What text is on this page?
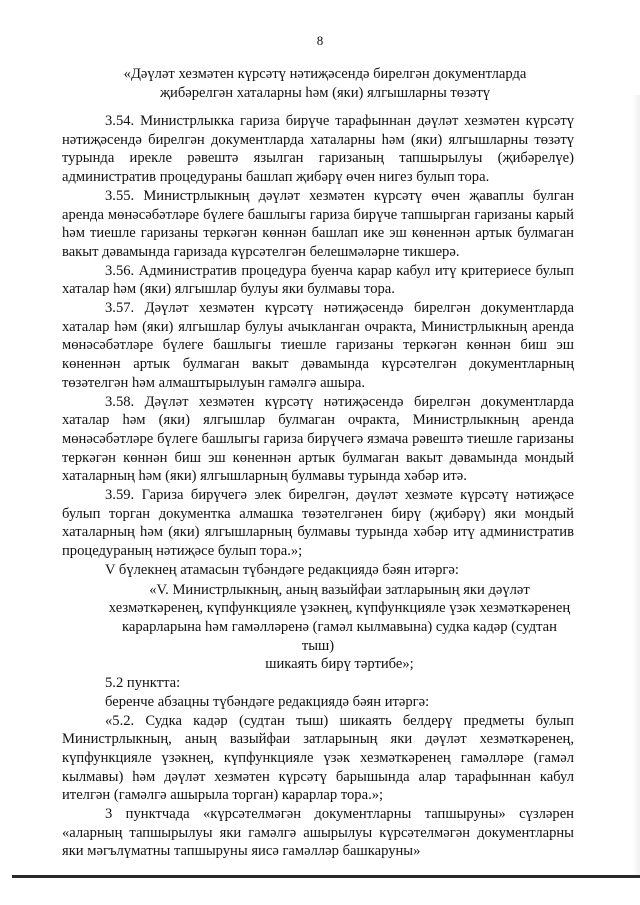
8
«Дәүләт хезмәтен күрсәтү нәтиҗәсендә бирелгән документларда
җибәрелгән хаталарны һәм (яки) ялгышларны төзәтү

3.54. Министрлыкка гариза бирүче тарафыннан дәүләт хезмәтен күрсәтү нәтиҗәсендә бирелгән документларда хаталарны һәм (яки) ялгышларны төзәтү турында ирекле рәвештә язылган гаризаның тапшырылуы (җибәрелүе) административ процедураны башлап җибәрү өчен нигез булып тора.

3.55. Министрлыкның дәүләт хезмәтен күрсәтү өчен җаваплы булган аренда мөнәсәбәтләре бүлеге башлыгы гариза бирүче тапшырган гаризаны карый һәм тиешле гаризаны теркәгән көннән башлап ике эш көненнән артык булмаган вакыт дәвамында гаризада күрсәтелгән белешмәләрне тикшерә.

3.56. Административ процедура буенча карар кабул итү критериесе булып хаталар һәм (яки) ялгышлар булуы яки булмавы тора.

3.57. Дәүләт хезмәтен күрсәтү нәтиҗәсендә бирелгән документларда хаталар һәм (яки) ялгышлар булуы ачыкланган очракта, Министрлыкның аренда мөнәсәбәтләре бүлеге башлыгы тиешле гаризаны теркәгән көннән биш эш көненнән артык булмаган вакыт дәвамында күрсәтелгән документларның төзәтелгән һәм алмаштырылуын гамәлгә ашыра.

3.58. Дәүләт хезмәтен күрсәтү нәтиҗәсендә бирелгән документларда хаталар һәм (яки) ялгышлар булмаган очракта, Министрлыкның аренда мөнәсәбәтләре бүлеге башлыгы гариза бирүчегә язмача рәвештә тиешле гаризаны теркәгән көннән биш эш көненнән артык булмаган вакыт дәвамында мондый хаталарның һәм (яки) ялгышларның булмавы турында хәбәр итә.

3.59. Гариза бирүчегә элек бирелгән, дәүләт хезмәте күрсәтү нәтиҗәсе булып торган документка алмашка төзәтелгәнен бирү (җибәрү) яки мондый хаталарның һәм (яки) ялгышларның булмавы турында хәбәр итү административ процедураның нәтиҗәсе булып тора.»;

V бүлекнең атамасын түбәндәге редакциядә бәян итәргә:

«V. Министрлыкның, аның вазыйфаи затларының яки дәүләт
хезмәткәренең, күпфункцияле үзәкнең, күпфункцияле үзәк хезмәткәренең
карарларына һәм гамәлләренә (гамәл кылмавына) судка кадәр (судтан тыш)
шикаять бирү тәртибе»;

5.2 пунктта:

беренче абзацны түбәндәге редакциядә бәян итәргә:

«5.2. Судка кадәр (судтан тыш) шикаять белдерү предметы булып Министрлыкның, аның вазыйфаи затларының яки дәүләт хезмәткәренең, күпфункцияле үзәкнең, күпфункцияле үзәк хезмәткәренең гамәлләре (гамәл кылмавы) һәм дәүләт хезмәтен күрсәтү барышында алар тарафыннан кабул ителгән (гамәлгә ашырыла торган) карарлар тора.»;

3 пунктчада «күрсәтелмәгән документларны тапшыруны» сүзләрен «аларның тапшырылуы яки гамәлгә ашырылуы күрсәтелмәгән документларны яки мәгълүматны тапшыруны яисә гамәлләр башкаруны»
